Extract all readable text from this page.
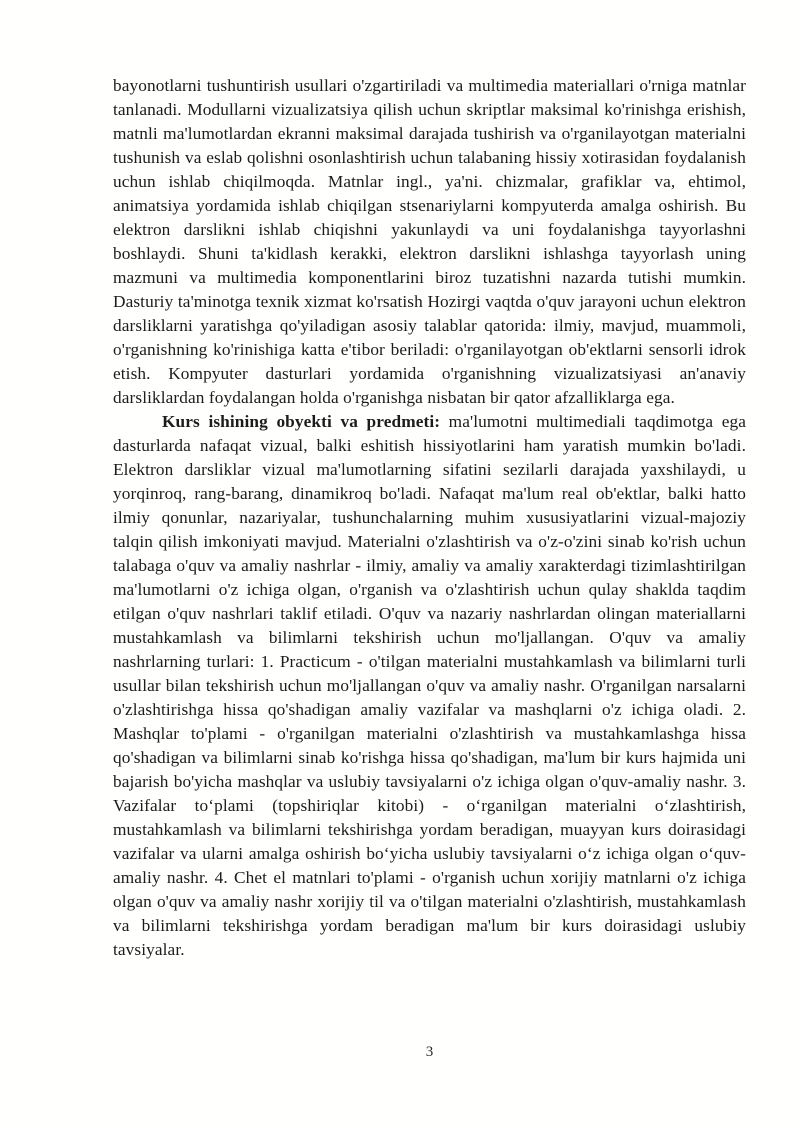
bayonotlarni tushuntirish usullari o'zgartiriladi va multimedia materiallari o'rniga matnlar tanlanadi. Modullarni vizualizatsiya qilish uchun skriptlar maksimal ko'rinishga erishish, matnli ma'lumotlardan ekranni maksimal darajada tushirish va o'rganilayotgan materialni tushunish va eslab qolishni osonlashtirish uchun talabaning hissiy xotirasidan foydalanish uchun ishlab chiqilmoqda. Matnlar ingl., ya'ni. chizmalar, grafiklar va, ehtimol, animatsiya yordamida ishlab chiqilgan stsenariylarni kompyuterda amalga oshirish. Bu elektron darslikni ishlab chiqishni yakunlaydi va uni foydalanishga tayyorlashni boshlaydi. Shuni ta'kidlash kerakki, elektron darslikni ishlashga tayyorlash uning mazmuni va multimedia komponentlarini biroz tuzatishni nazarda tutishi mumkin. Dasturiy ta'minotga texnik xizmat ko'rsatish Hozirgi vaqtda o'quv jarayoni uchun elektron darsliklarni yaratishga qo'yiladigan asosiy talablar qatorida: ilmiy, mavjud, muammoli, o'rganishning ko'rinishiga katta e'tibor beriladi: o'rganilayotgan ob'ektlarni sensorli idrok etish. Kompyuter dasturlari yordamida o'rganishning vizualizatsiyasi an'anaviy darsliklardan foydalangan holda o'rganishga nisbatan bir qator afzalliklarga ega.

Kurs ishining obyekti va predmeti: ma'lumotni multimediali taqdimotga ega dasturlarda nafaqat vizual, balki eshitish hissiyotlarini ham yaratish mumkin bo'ladi. Elektron darsliklar vizual ma'lumotlarning sifatini sezilarli darajada yaxshilaydi, u yorqinroq, rang-barang, dinamikroq bo'ladi. Nafaqat ma'lum real ob'ektlar, balki hatto ilmiy qonunlar, nazariyalar, tushunchalarning muhim xususiyatlarini vizual-majoziy talqin qilish imkoniyati mavjud. Materialni o'zlashtirish va o'z-o'zini sinab ko'rish uchun talabaga o'quv va amaliy nashrlar - ilmiy, amaliy va amaliy xarakterdagi tizimlashtirilgan ma'lumotlarni o'z ichiga olgan, o'rganish va o'zlashtirish uchun qulay shaklda taqdim etilgan o'quv nashrlari taklif etiladi. O'quv va nazariy nashrlardan olingan materiallarni mustahkamlash va bilimlarni tekshirish uchun mo'ljallangan. O'quv va amaliy nashrlarning turlari: 1. Practicum - o'tilgan materialni mustahkamlash va bilimlarni turli usullar bilan tekshirish uchun mo'ljallangan o'quv va amaliy nashr. O'rganilgan narsalarni o'zlashtirishga hissa qo'shadigan amaliy vazifalar va mashqlarni o'z ichiga oladi. 2. Mashqlar to'plami - o'rganilgan materialni o'zlashtirish va mustahkamlashga hissa qo'shadigan va bilimlarni sinab ko'rishga hissa qo'shadigan, ma'lum bir kurs hajmida uni bajarish bo'yicha mashqlar va uslubiy tavsiyalarni o'z ichiga olgan o'quv-amaliy nashr. 3. Vazifalar to‘plami (topshiriqlar kitobi) - o‘rganilgan materialni o‘zlashtirish, mustahkamlash va bilimlarni tekshirishga yordam beradigan, muayyan kurs doirasidagi vazifalar va ularni amalga oshirish bo‘yicha uslubiy tavsiyalarni o‘z ichiga olgan o‘quv-amaliy nashr. 4. Chet el matnlari to'plami - o'rganish uchun xorijiy matnlarni o'z ichiga olgan o'quv va amaliy nashr xorijiy til va o'tilgan materialni o'zlashtirish, mustahkamlash va bilimlarni tekshirishga yordam beradigan ma'lum bir kurs doirasidagi uslubiy tavsiyalar.

3
